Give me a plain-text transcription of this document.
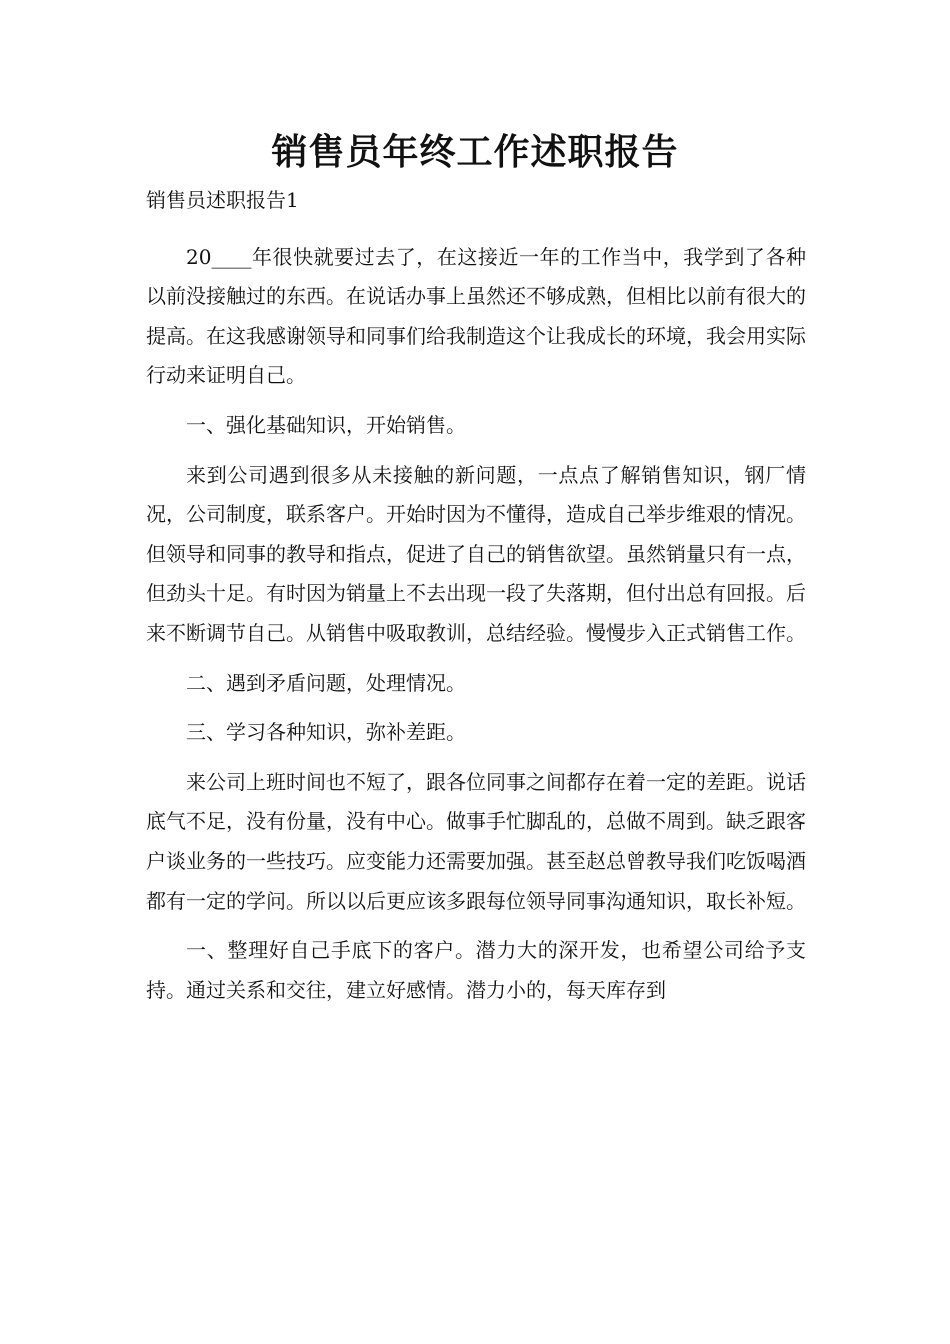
销售员年终工作述职报告

销售员述职报告1

20____年很快就要过去了，在这接近一年的工作当中，我学到了各种以前没接触过的东西。在说话办事上虽然还不够成熟，但相比以前有很大的提高。在这我感谢领导和同事们给我制造这个让我成长的环境，我会用实际行动来证明自己。

一、强化基础知识，开始销售。

来到公司遇到很多从未接触的新问题，一点点了解销售知识，钢厂情况，公司制度，联系客户。开始时因为不懂得，造成自己举步维艰的情况。但领导和同事的教导和指点，促进了自己的销售欲望。虽然销量只有一点，但劲头十足。有时因为销量上不去出现一段了失落期，但付出总有回报。后来不断调节自己。从销售中吸取教训，总结经验。慢慢步入正式销售工作。

二、遇到矛盾问题，处理情况。

三、学习各种知识，弥补差距。

来公司上班时间也不短了，跟各位同事之间都存在着一定的差距。说话底气不足，没有份量，没有中心。做事手忙脚乱的，总做不周到。缺乏跟客户谈业务的一些技巧。应变能力还需要加强。甚至赵总曾教导我们吃饭喝酒都有一定的学问。所以以后更应该多跟每位领导同事沟通知识，取长补短。

一、整理好自己手底下的客户。潜力大的深开发，也希望公司给予支持。通过关系和交往，建立好感情。潜力小的，每天库存到
